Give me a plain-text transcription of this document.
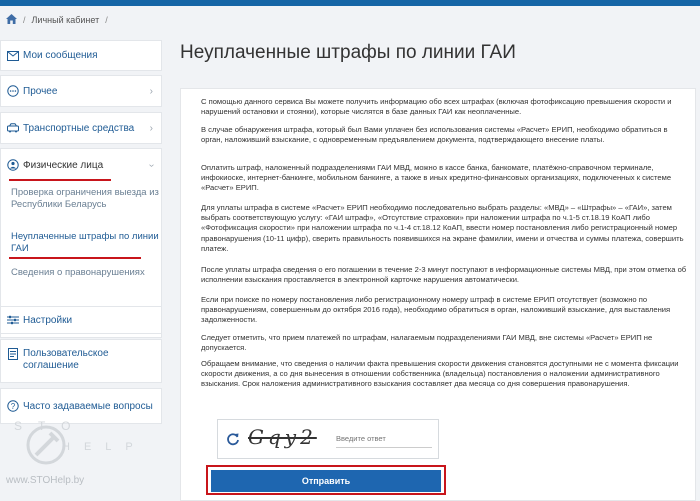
/ Личный кабинет /
Мои сообщения
Прочее	›
Транспортные средства ›
Физические лица	›
Проверка ограничения выезда из Республики Беларусь
Неуплаченные штрафы по линии ГАИ
Сведения о правонарушениях
Настройки
Пользовательское соглашение
? Часто задаваемые вопросы
STO
HELP
www.STOHelp.by
Неуплаченные штрафы по линии ГАИ

С помощью данного сервиса Вы можете получить информацию обо всех штрафах (включая фотофиксацию превышения скорости и нарушений остановки и стоянки), которые числятся в базе данных ГАИ как неоплаченные.

В случае обнаружения штрафа, который был Вами уплачен без использования системы «Расчет» ЕРИП, необходимо обратиться в орган, наложивший взыскание, с одновременным предъявлением документа, подтверждающего внесение платы.

Оплатить штраф, наложенный подразделениями ГАИ МВД, можно в кассе банка, банкомате, платёжно-справочном терминале, инфокиоске, интернет-банкинге, мобильном банкинге, а также в иных кредитно-финансовых организациях, подключенных к системе «Расчет» ЕРИП.

Для уплаты штрафа в системе «Расчет» ЕРИП необходимо последовательно выбрать разделы: «МВД» – «Штрафы» – «ГАИ», затем выбрать соответствующую услугу: «ГАИ штраф», «Отсутствие страховки» при наложении штрафа по ч.1-5 ст.18.19 КоАП либо «Фотофиксация скорости» при наложении штрафа по ч.1-4 ст.18.12 КоАП, ввести номер постановления либо регистрационный номер правонарушения (10-11 цифр), сверить правильность появившихся на экране фамилии, имени и отчества и суммы платежа, совершить платеж.

После уплаты штрафа сведения о его погашении в течение 2-3 минут поступают в информационные системы МВД, при этом отметка об исполнении взыскания проставляется в электронной карточке нарушения автоматически.

Если при поиске по номеру постановления либо регистрационному номеру штраф в системе ЕРИП отсутствует (возможно по правонарушениям, совершенным до октября 2016 года), необходимо обратиться в орган, наложивший взыскание, для выставления задолженности.

Следует отметить, что прием платежей по штрафам, налагаемым подразделениями ГАИ МВД, вне системы «Расчет» ЕРИП не допускается.

Обращаем внимание, что сведения о наличии факта превышения скорости движения становятся доступными не с момента фиксации скорости движения, а со дня вынесения в отношении собственника (владельца) постановления о наложении административного взыскания. Срок наложения административного взыскания составляет два месяца со дня совершения правонарушения.

Gqy2
Введите ответ
Отправить
